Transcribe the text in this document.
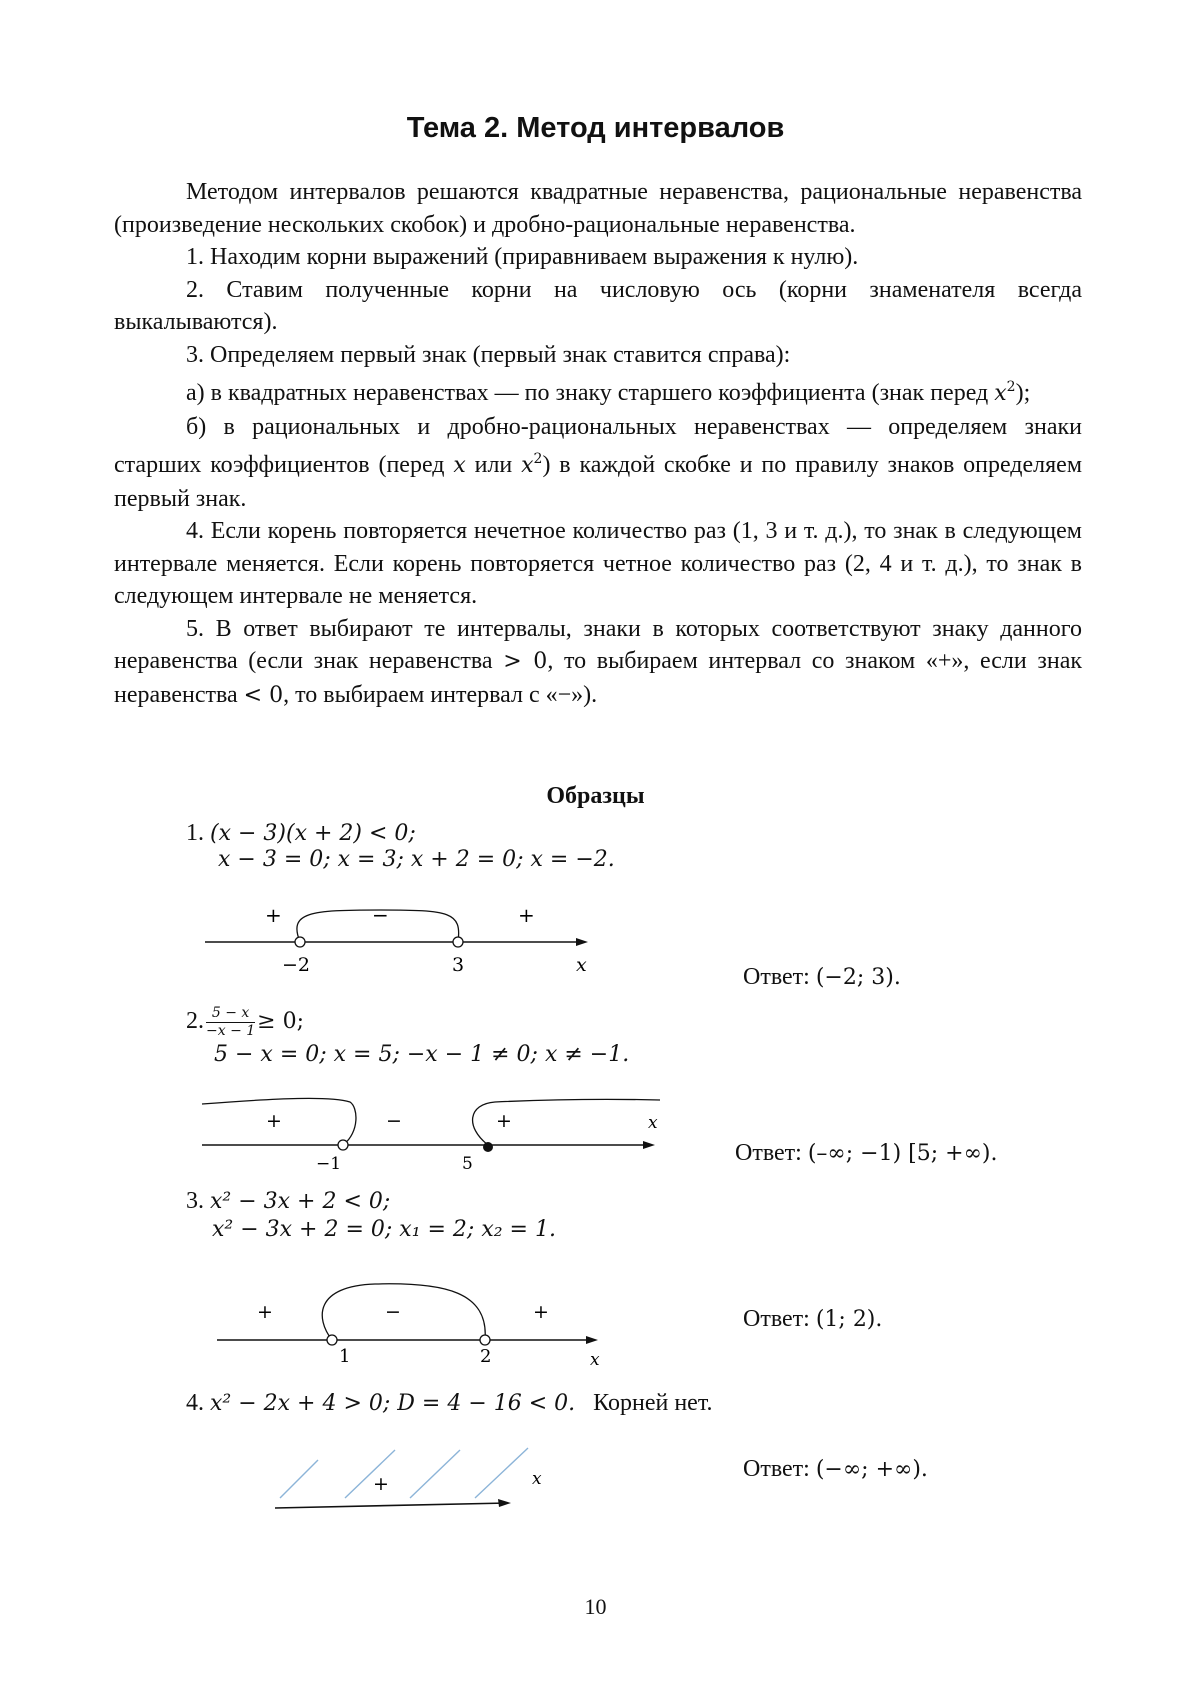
Тема 2. Метод интервалов

Методом интервалов решаются квадратные неравенства, рациональные неравенства (произведение нескольких скобок) и дробно-рациональные неравенства.

1. Находим корни выражений (приравниваем выражения к нулю).

2. Ставим полученные корни на числовую ось (корни знаменателя всегда выкалываются).

3. Определяем первый знак (первый знак ставится справа):

а) в квадратных неравенствах — по знаку старшего коэффициента (знак перед $x^2$);

б) в рациональных и дробно-рациональных неравенствах — определяем знаки старших коэффициентов (перед x или $x^2$) в каждой скобке и по правилу знаков определяем первый знак.

4. Если корень повторяется нечетное количество раз (1, 3 и т. д.), то знак в следующем интервале меняется. Если корень повторяется четное количество раз (2, 4 и т. д.), то знак в следующем интервале не меняется.

5. В ответ выбирают те интервалы, знаки в которых соответствуют знаку данного неравенства (если знак неравенства > 0, то выбираем интервал со знаком «+», если знак неравенства < 0, то выбираем интервал с «−»).

Образцы
1. (x − 3)(x + 2) < 0;
x − 3 = 0; x = 3; x + 2 = 0; x = −2.
+	−	+
−2	3	x	Ответ: (−2; 3).
2. $\frac{5 - x}{-x - 1} \ge 0$;
5 − x = 0; x = 5; −x − 1 ≠ 0; x ≠ −1.
+	−	+
−1	5
x
Ответ: (–∞; −1) [5; +∞).
3. x² − 3x + 2 < 0;
x² − 3x + 2 = 0; x₁ = 2; x₂ = 1.
+	−	+
1	2	x
Ответ: (1; 2).
4. x² − 2x + 4 > 0; D = 4 − 16 < 0. Корней нет.
+	x	Ответ: (−∞; +∞).
10
